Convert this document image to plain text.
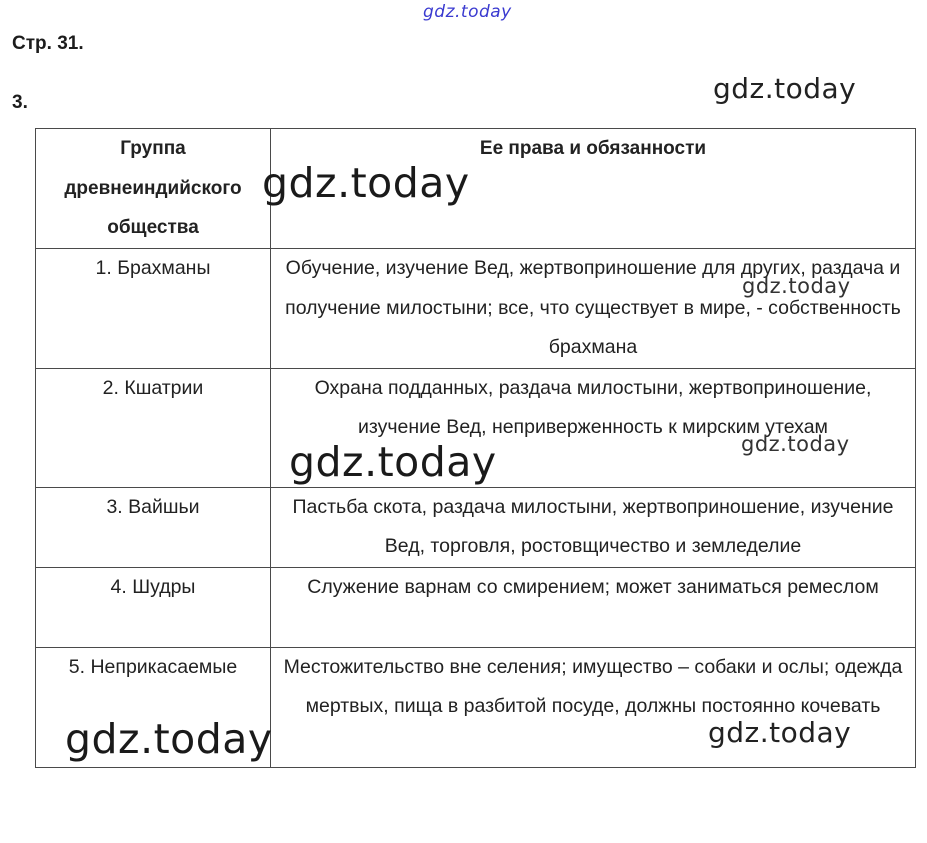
Стр. 31.
3.
Группа древнеиндийского общества	Ее права и обязанности
1. Брахманы	Обучение, изучение Вед, жертвоприношение для других, раздача и получение милостыни; все, что существует в мире, - собственность брахмана
2. Кшатрии	Охрана подданных, раздача милостыни, жертвоприношение, изучение Вед, неприверженность к мирским утехам
3. Вайшьи	Пастьба скота, раздача милостыни, жертвоприношение, изучение Вед, торговля, ростовщичество и земледелие
4. Шудры	Служение варнам со смирением; может заниматься ремеслом
5. Неприкасаемые	Местожительство вне селения; имущество – собаки и ослы; одежда мертвых, пища в разбитой посуде, должны постоянно кочевать
gdz.today
gdz.today
gdz.today
gdz.today
gdz.today
gdz.today
gdz.today	gdz.today
